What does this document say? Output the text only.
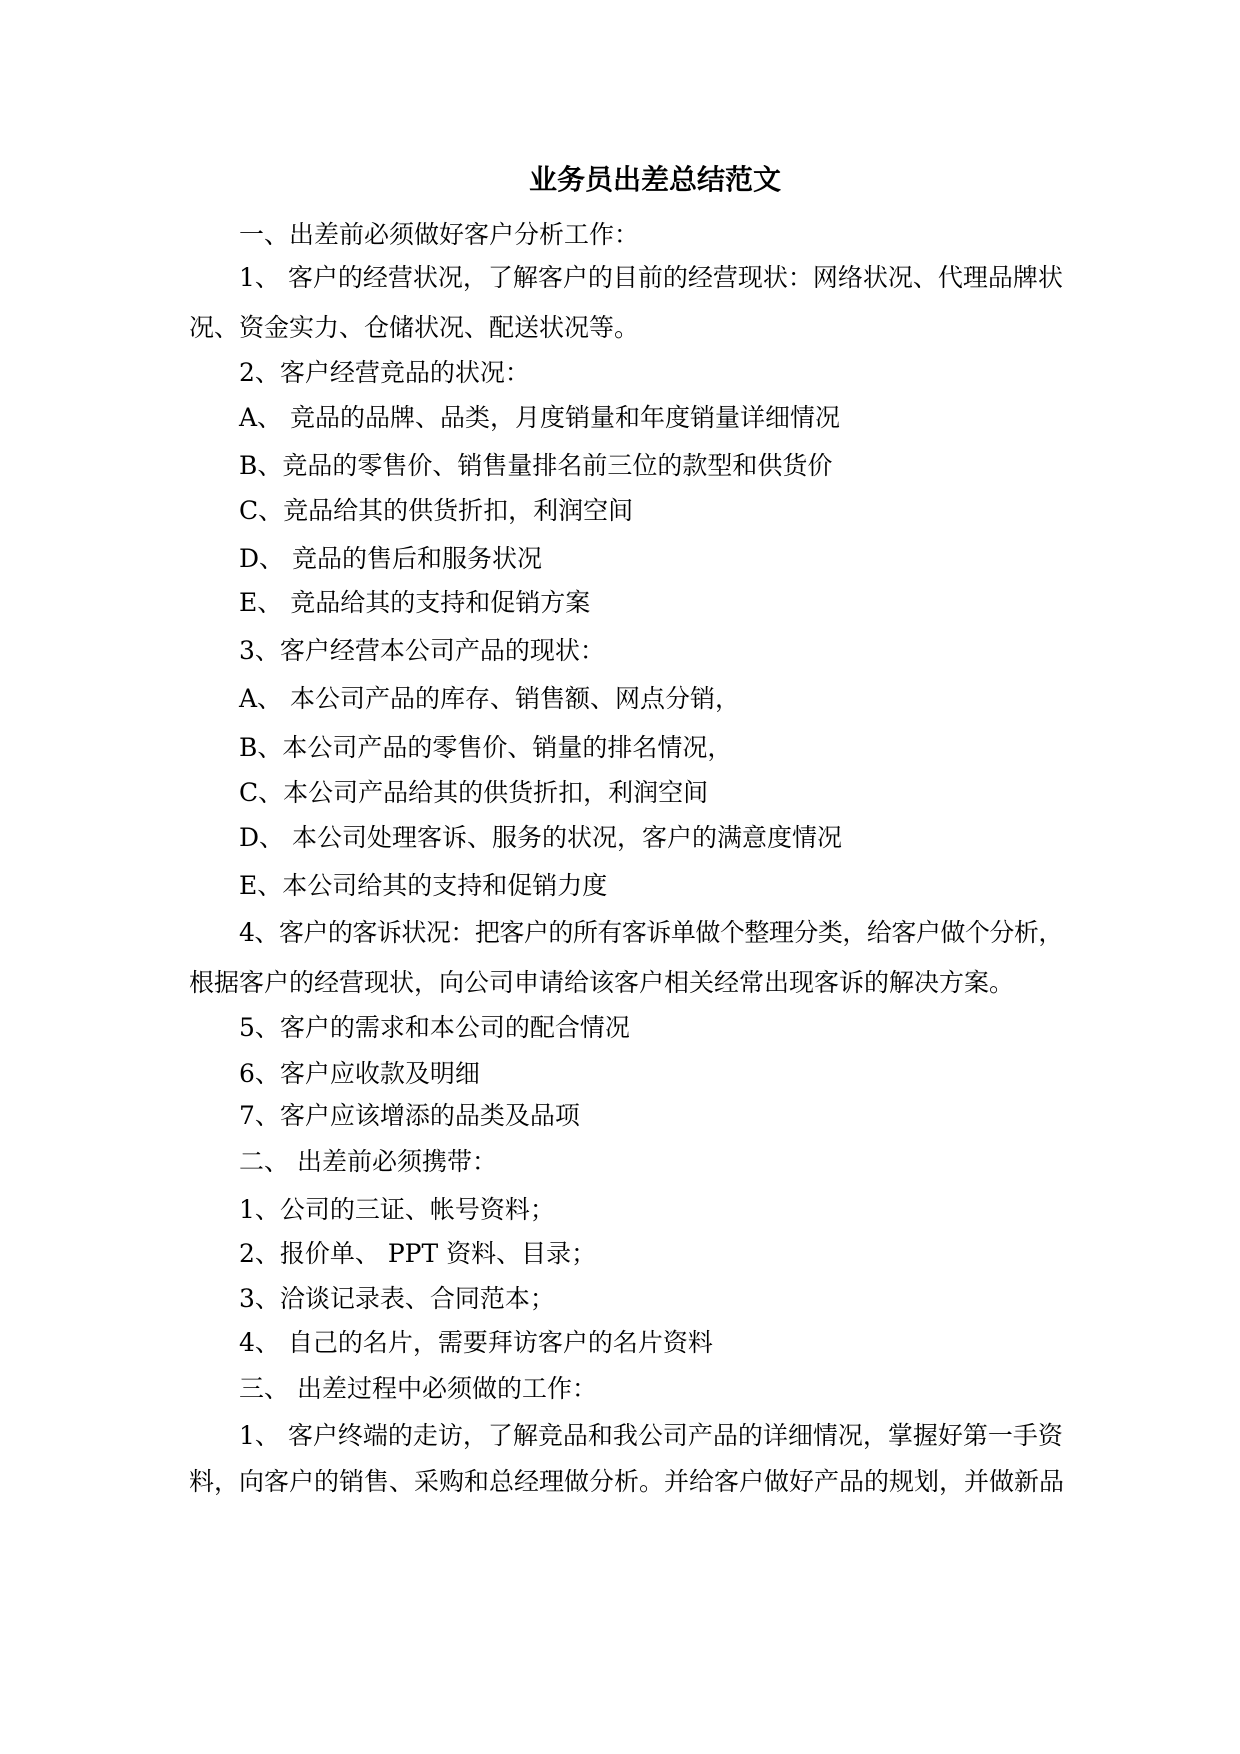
业务员出差总结范文
一、出差前必须做好客户分析工作：
1、 客户的经营状况，了解客户的目前的经营现状：网络状况、代理品牌状
况、资金实力、仓储状况、配送状况等。
2、客户经营竞品的状况：
A、 竞品的品牌、品类，月度销量和年度销量详细情况
B、竞品的零售价、销售量排名前三位的款型和供货价
C、竞品给其的供货折扣，利润空间
D、 竞品的售后和服务状况
E、 竞品给其的支持和促销方案
3、客户经营本公司产品的现状：
A、 本公司产品的库存、销售额、网点分销，
B、本公司产品的零售价、销量的排名情况，
C、本公司产品给其的供货折扣，利润空间
D、 本公司处理客诉、服务的状况，客户的满意度情况
E、本公司给其的支持和促销力度
4、客户的客诉状况：把客户的所有客诉单做个整理分类，给客户做个分析，
根据客户的经营现状，向公司申请给该客户相关经常出现客诉的解决方案。
5、客户的需求和本公司的配合情况
6、客户应收款及明细
7、客户应该增添的品类及品项
二、 出差前必须携带：
1、公司的三证、帐号资料；
2、报价单、 PPT 资料、目录；
3、洽谈记录表、合同范本；
4、 自己的名片，需要拜访客户的名片资料
三、 出差过程中必须做的工作：
1、 客户终端的走访，了解竞品和我公司产品的详细情况，掌握好第一手资
料，向客户的销售、采购和总经理做分析。并给客户做好产品的规划，并做新品
